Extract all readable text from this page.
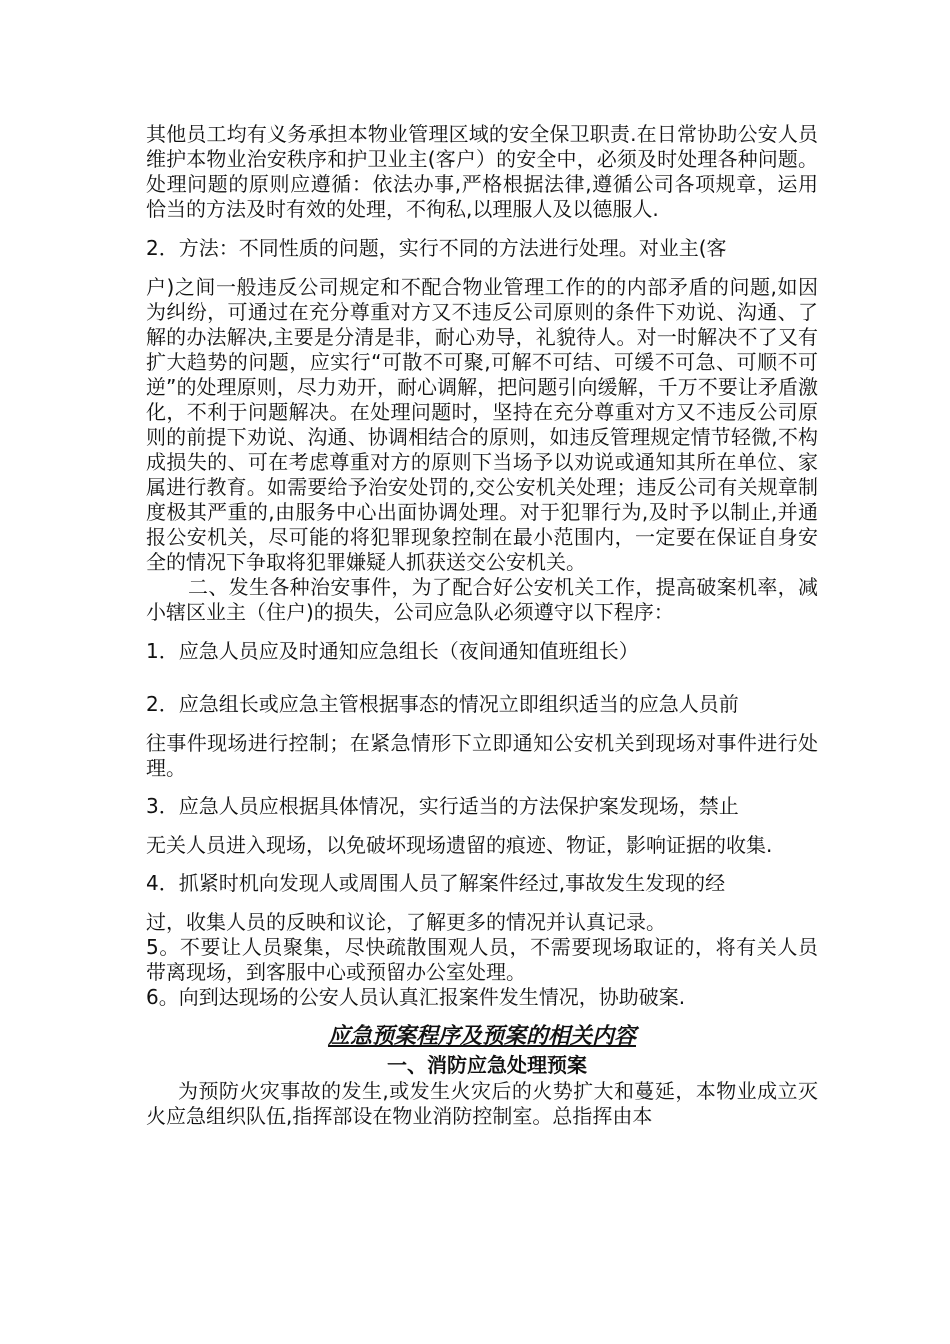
其他员工均有义务承担本物业管理区域的安全保卫职责.在日常协助公安人员维护本物业治安秩序和护卫业主(客户）的安全中，必须及时处理各种问题。处理问题的原则应遵循：依法办事,严格根据法律,遵循公司各项规章，运用恰当的方法及时有效的处理，不徇私,以理服人及以德服人.

2．方法：不同性质的问题，实行不同的方法进行处理。对业主(客

户)之间一般违反公司规定和不配合物业管理工作的的内部矛盾的问题,如因为纠纷，可通过在充分尊重对方又不违反公司原则的条件下劝说、沟通、了解的办法解决,主要是分清是非，耐心劝导，礼貌待人。对一时解决不了又有扩大趋势的问题，应实行“可散不可聚,可解不可结、可缓不可急、可顺不可逆”的处理原则，尽力劝开，耐心调解，把问题引向缓解，千万不要让矛盾激化，不利于问题解决。在处理问题时，坚持在充分尊重对方又不违反公司原则的前提下劝说、沟通、协调相结合的原则，如违反管理规定情节轻微,不构成损失的、可在考虑尊重对方的原则下当场予以劝说或通知其所在单位、家属进行教育。如需要给予治安处罚的,交公安机关处理；违反公司有关规章制度极其严重的,由服务中心出面协调处理。对于犯罪行为,及时予以制止,并通报公安机关，尽可能的将犯罪现象控制在最小范围内，一定要在保证自身安全的情况下争取将犯罪嫌疑人抓获送交公安机关。

二、发生各种治安事件，为了配合好公安机关工作，提高破案机率，减小辖区业主（住户)的损失，公司应急队必须遵守以下程序：

1．应急人员应及时通知应急组长（夜间通知值班组长）

2．应急组长或应急主管根据事态的情况立即组织适当的应急人员前

往事件现场进行控制；在紧急情形下立即通知公安机关到现场对事件进行处理。

3．应急人员应根据具体情况，实行适当的方法保护案发现场，禁止

无关人员进入现场，以免破坏现场遗留的痕迹、物证，影响证据的收集.

4．抓紧时机向发现人或周围人员了解案件经过,事故发生发现的经

过，收集人员的反映和议论，了解更多的情况并认真记录。

5。不要让人员聚集，尽快疏散围观人员，不需要现场取证的，将有关人员带离现场，到客服中心或预留办公室处理。

6。向到达现场的公安人员认真汇报案件发生情况，协助破案.

应急预案程序及预案的相关内容
一、消防应急处理预案

为预防火灾事故的发生,或发生火灾后的火势扩大和蔓延，本物业成立灭火应急组织队伍,指挥部设在物业消防控制室。总指挥由本
